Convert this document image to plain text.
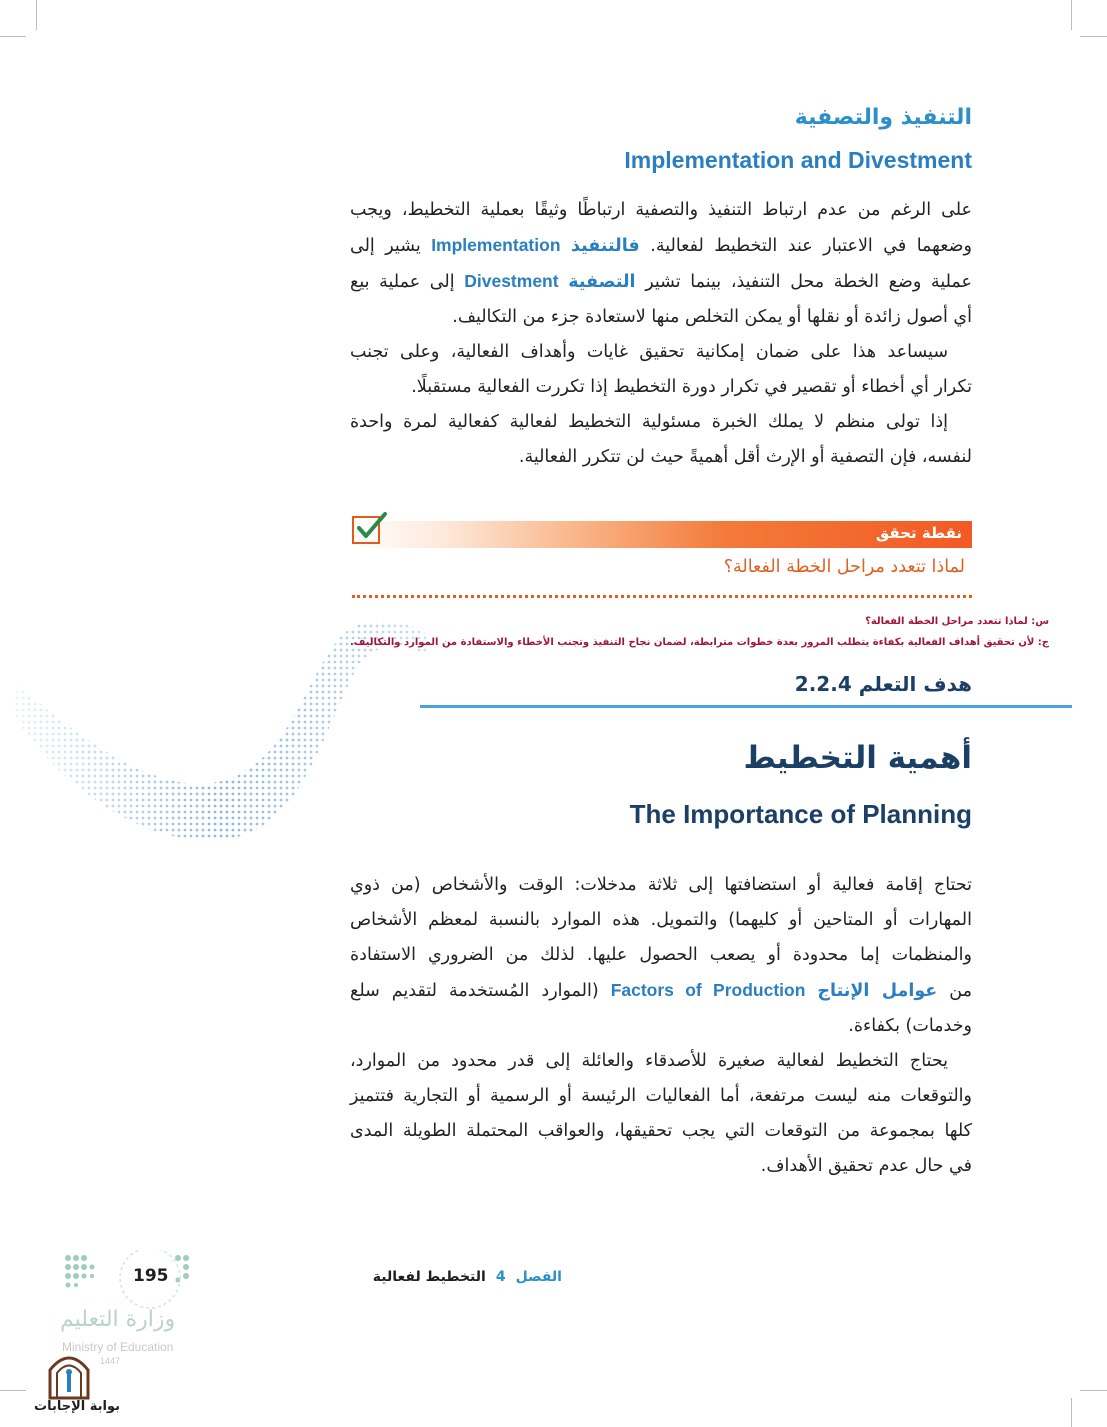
التنفيذ والتصفية
Implementation and Divestment
على الرغم من عدم ارتباط التنفيذ والتصفية ارتباطًا وثيقًا بعملية التخطيط، ويجب
وضعهما في الاعتبار عند التخطيط لفعالية. فالتنفيذ Implementation يشير إلى
عملية وضع الخطة محل التنفيذ، بينما تشير التصفية Divestment إلى عملية بيع
أي أصول زائدة أو نقلها أو يمكن التخلص منها لاستعادة جزء من التكاليف.
سيساعد هذا على ضمان إمكانية تحقيق غايات وأهداف الفعالية، وعلى تجنب
تكرار أي أخطاء أو تقصير في تكرار دورة التخطيط إذا تكررت الفعالية مستقبلًا.
إذا تولى منظم لا يملك الخبرة مسئولية التخطيط لفعالية كفعالية لمرة واحدة
لنفسه، فإن التصفية أو الإرث أقل أهميةً حيث لن تتكرر الفعالية.
نقطة تحقق
لماذا تتعدد مراحل الخطة الفعالة؟
س: لماذا تتعدد مراحل الخطة الفعالة؟
ج: لأن تحقيق أهداف الفعالية بكفاءة يتطلب المرور بعدة خطوات مترابطة، لضمان نجاح التنفيذ وتجنب الأخطاء والاستفادة من الموارد والتكاليف.
هدف التعلم 2.2.4
أهمية التخطيط
The Importance of Planning
تحتاج إقامة فعالية أو استضافتها إلى ثلاثة مدخلات: الوقت والأشخاص (من ذوي
المهارات أو المتاحين أو كليهما) والتمويل. هذه الموارد بالنسبة لمعظم الأشخاص
والمنظمات إما محدودة أو يصعب الحصول عليها. لذلك من الضروري الاستفادة
من عوامل الإنتاج Factors of Production (الموارد المُستخدمة لتقديم سلع
وخدمات) بكفاءة.
يحتاج التخطيط لفعالية صغيرة للأصدقاء والعائلة إلى قدر محدود من الموارد،
والتوقعات منه ليست مرتفعة، أما الفعاليات الرئيسة أو الرسمية أو التجارية فتتميز
كلها بمجموعة من التوقعات التي يجب تحقيقها، والعواقب المحتملة الطويلة المدى
في حال عدم تحقيق الأهداف.
الفصل4التخطيط لفعالية
195
وزارة التعليم
Ministry of Education
1447
بوابة الإجابات
